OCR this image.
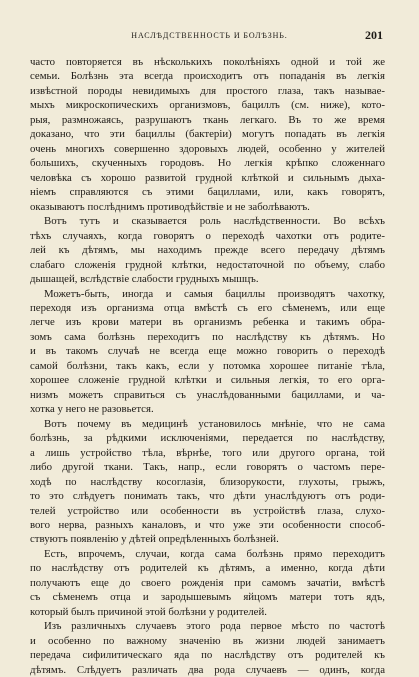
НАСЛѢДСТВЕННОСТЬ И БОЛѢЗНЬ.	201
часто повторяется въ нѣсколькихъ поколѣніяхъ одной и той же
семьи. Болѣзнь эта всегда происходитъ отъ попаданія въ легкія
извѣстной породы невидимыхъ для простого глаза, такъ называе-
мыхъ микроскопическихъ организмовъ, бациллъ (см. ниже), кото-
рыя, размножаясь, разрушаютъ ткань легкаго. Въ то же время
доказано, что эти бациллы (бактеріи) могутъ попадать въ легкія
очень многихъ совершенно здоровыхъ людей, особенно у жителей
большихъ, скученныхъ городовъ. Но легкія крѣпко сложеннаго
человѣка съ хорошо развитой грудной клѣткой и сильнымъ дыха-
ніемъ справляются съ этими бациллами, или, какъ говорятъ,
оказываютъ послѣднимъ противодѣйствіе и не заболѣваютъ.
Вотъ тутъ и сказывается роль наслѣдственности. Во всѣхъ
тѣхъ случаяхъ, когда говорятъ о переходѣ чахотки отъ родите-
лей къ дѣтямъ, мы находимъ прежде всего передачу дѣтямъ
слабаго сложенія грудной клѣтки, недостаточной по объему, слабо
дышащей, вслѣдствіе слабости грудныхъ мышцъ.
Можетъ-быть, иногда и самыя бациллы производятъ чахотку,
переходя изъ организма отца вмѣстѣ съ его сѣменемъ, или еще
легче изъ крови матери въ организмъ ребенка и такимъ обра-
зомъ сама болѣзнь переходитъ по наслѣдству къ дѣтямъ. Но
и въ такомъ случаѣ не всегда еще можно говорить о переходѣ
самой болѣзни, такъ какъ, если у потомка хорошее питаніе тѣла,
хорошее сложеніе грудной клѣтки и сильныя легкія, то его орга-
низмъ можетъ справиться съ унаслѣдованными бациллами, и ча-
хотка у него не разовьется.
Вотъ почему въ медицинѣ установилось мнѣніе, что не сама
болѣзнь, за рѣдкими исключеніями, передается по наслѣдству,
а лишь устройство тѣла, вѣрнѣе, того или другого органа, той
либо другой ткани. Такъ, напр., если говорятъ о частомъ пере-
ходѣ по наслѣдству косоглазія, близорукости, глухоты, грыжъ,
то это слѣдуетъ понимать такъ, что дѣти унаслѣдуютъ отъ роди-
телей устройство или особенности въ устройствѣ глаза, слухо-
вого нерва, разныхъ каналовъ, и что уже эти особенности способ-
ствуютъ появленію у дѣтей опредѣленныхъ болѣзней.
Есть, впрочемъ, случаи, когда сама болѣзнь прямо переходитъ
по наслѣдству отъ родителей къ дѣтямъ, а именно, когда дѣти
получаютъ еще до своего рожденія при самомъ зачатіи, вмѣстѣ
съ сѣменемъ отца и зародышевымъ яйцомъ матери тотъ ядъ,
который былъ причиной этой болѣзни у родителей.
Изъ различныхъ случаевъ этого рода первое мѣсто по частотѣ
и особенно по важному значенію въ жизни людей занимаетъ
передача сифилитическаго яда по наслѣдству отъ родителей къ
дѣтямъ. Слѣдуетъ различать два рода случаевъ — одинъ, когда
